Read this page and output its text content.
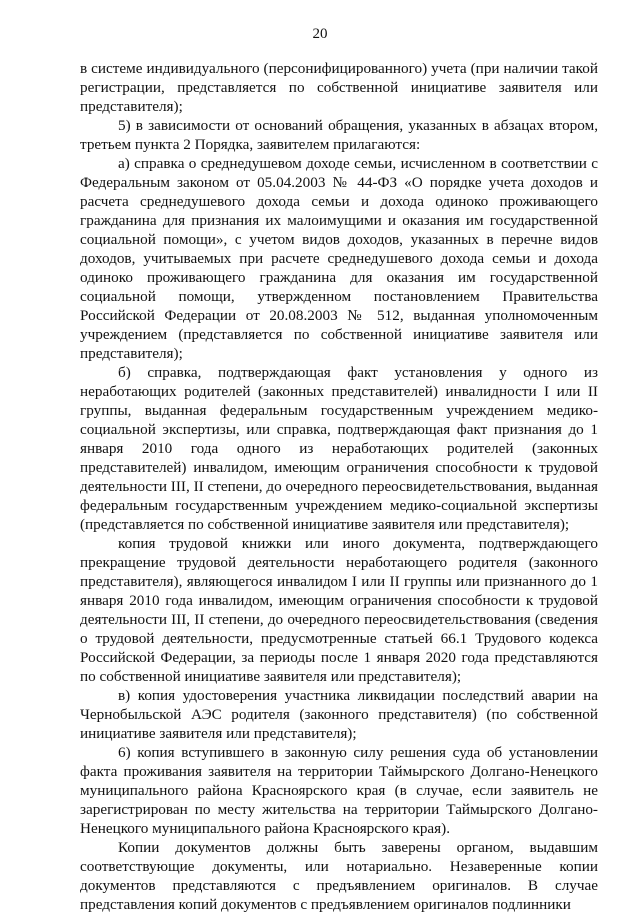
20

в системе индивидуального (персонифицированного) учета (при наличии такой регистрации, представляется по собственной инициативе заявителя или представителя);

5) в зависимости от оснований обращения, указанных в абзацах втором, третьем пункта 2 Порядка, заявителем прилагаются:

а) справка о среднедушевом доходе семьи, исчисленном в соответствии с Федеральным законом от 05.04.2003 № 44-ФЗ «О порядке учета доходов и расчета среднедушевого дохода семьи и дохода одиноко проживающего гражданина для признания их малоимущими и оказания им государственной социальной помощи», с учетом видов доходов, указанных в перечне видов доходов, учитываемых при расчете среднедушевого дохода семьи и дохода одиноко проживающего гражданина для оказания им государственной социальной помощи, утвержденном постановлением Правительства Российской Федерации от 20.08.2003 № 512, выданная уполномоченным учреждением (представляется по собственной инициативе заявителя или представителя);

б) справка, подтверждающая факт установления у одного из неработающих родителей (законных представителей) инвалидности I или II группы, выданная федеральным государственным учреждением медико-социальной экспертизы, или справка, подтверждающая факт признания до 1 января 2010 года одного из неработающих родителей (законных представителей) инвалидом, имеющим ограничения способности к трудовой деятельности III, II степени, до очередного переосвидетельствования, выданная федеральным государственным учреждением медико-социальной экспертизы (представляется по собственной инициативе заявителя или представителя);

копия трудовой книжки или иного документа, подтверждающего прекращение трудовой деятельности неработающего родителя (законного представителя), являющегося инвалидом I или II группы или признанного до 1 января 2010 года инвалидом, имеющим ограничения способности к трудовой деятельности III, II степени, до очередного переосвидетельствования (сведения о трудовой деятельности, предусмотренные статьей 66.1 Трудового кодекса Российской Федерации, за периоды после 1 января 2020 года представляются по собственной инициативе заявителя или представителя);

в) копия удостоверения участника ликвидации последствий аварии на Чернобыльской АЭС родителя (законного представителя) (по собственной инициативе заявителя или представителя);

6) копия вступившего в законную силу решения суда об установлении факта проживания заявителя на территории Таймырского Долгано-Ненецкого муниципального района Красноярского края (в случае, если заявитель не зарегистрирован по месту жительства на территории Таймырского Долгано-Ненецкого муниципального района Красноярского края).

Копии документов должны быть заверены органом, выдавшим соответствующие документы, или нотариально. Незаверенные копии документов представляются с предъявлением оригиналов. В случае представления копий документов с предъявлением оригиналов подлинники
